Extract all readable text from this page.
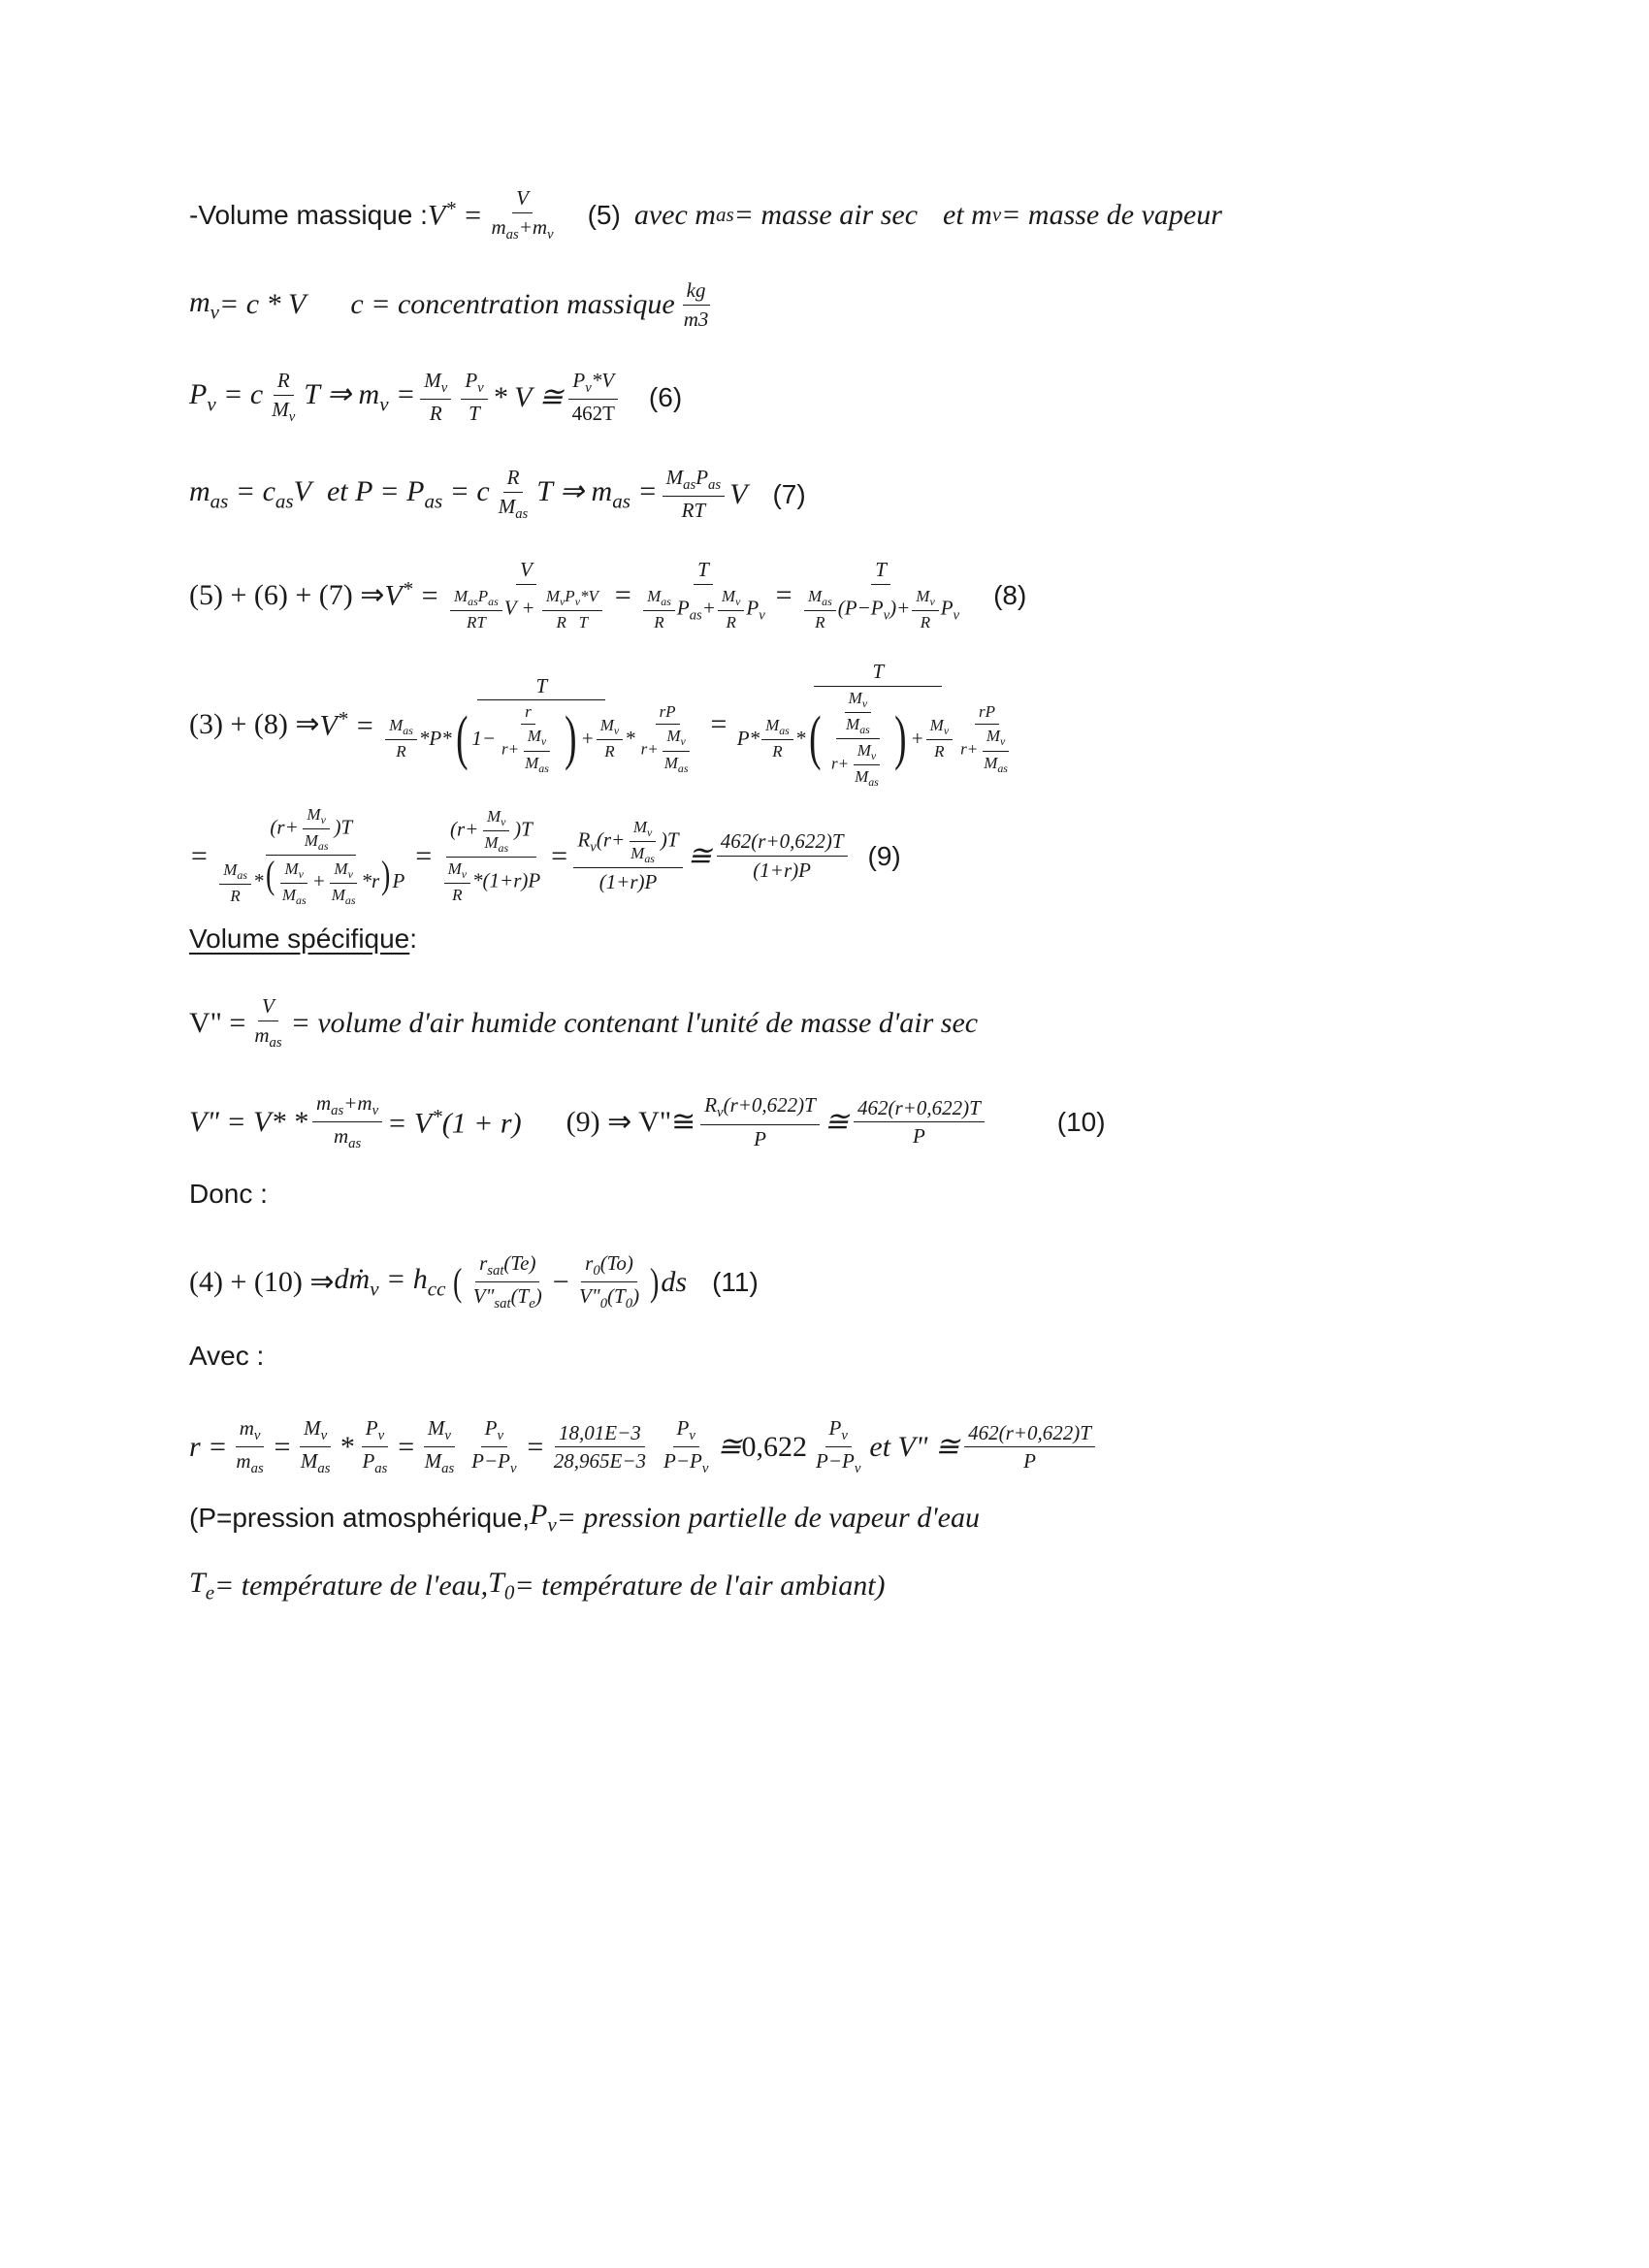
-Volume massique : $V^* = \frac{V}{m_{as}+m_v} (5)$ avec m as = masse air sec et m v = masse de vapeur
$m_v = c * V$ c = concentration massique $\frac{kg}{m3}$
$P_v = c \frac{R}{M_v}$ T ⇒ $m_v = \frac{M_v}{R} \frac{P_v}{T} * V$ ≅ $\frac{P_v*V}{462T} (6)$
$m_{as} = c_{as}V$ et $P = P_{as} = c \frac{R}{M_{as}}$ T ⇒ $m_{as} = \frac{M_{as}P_{as}}{RT}$ V (7)
(5) + (6) + (7) ⇒ $V^* = \frac{V}{\frac{M_{as}P_{as}}{RT} V + \frac{M_vP_v*V}{\text{R   T}}} = \frac{T}{\frac{M_{as}}{R} P_{as}+ \frac{M_v}{R} P_v} = \frac{T}{\frac{M_{as}}{R} (P-P_v)+ \frac{M_v}{R} P_v} (8)$
(3) + (8) ⇒ $V^* = \frac{T}{\frac{M_{as}}{R} *P* ( 1- \frac{r}{r+ \frac{M_v}{M_{as}}} ) + \frac{M_v}{R} * \frac{rP}{r+ \frac{M_v}{M_{as}}}} = \frac{T}{P* \frac{M_{as}}{R} * ( \frac{\frac{M_v}{M_{as}}}{r+ \frac{M_v}{M_{as}}} ) + \frac{M_v}{R} \frac{rP}{r+ \frac{M_v}{M_{as}}}}$
= $\frac{(r+ \frac{M_v}{M_{as}} )T}{\frac{M_{as}}{R} *( \frac{M_v}{M_{as}} + \frac{M_v}{M_{as}} *r)P} = \frac{(r+ \frac{M_v}{M_{as}} )T}{\frac{M_v}{R} *(1+r)P} = \frac{R_v(r+ \frac{M_v}{M_{as}} )T}{(1+r)P}$ ≅ $\frac{462(r+0,622)T}{(1+r)P} (9)$
Volume spécifique :
V" = $\frac{V}{m_{as}}$ = volume d'air humide contenant l'unité de masse d'air sec
V" = $V* * \frac{m_{as}+m_v}{m_{as}} = V^*(1 + r)$ (9) ⇒ V"≅ $\frac{R_v(r+0,622)T}{P}$ ≅ $\frac{462(r+0,622)T}{P}$	(10)
Donc :
(4) + (10) ⇒ dṁ$_v$ = $h_{cc}$ ( $\frac{r_{sat}(Te)}{V"_{sat}(T_e)} - \frac{r_0(To)}{V"_0(T_0)}$ ) ds (11)
Avec :
$r = \frac{m_v}{m_{as}} = \frac{M_v}{M_{as}} * \frac{P_v}{P_{as}} = \frac{M_v}{M_{as}} \frac{P_v}{P-P_v} = \frac{18,01E-3}{28,965E-3} \frac{P_v}{P-P_v}$ ≅ $0,622 \frac{P_v}{P-P_v}$ et V" ≅ $\frac{462(r+0,622)T}{P}$
(P=pression atmosphérique, $P_v$ = pression partielle de vapeur d'eau
$T_e$ = température de l'eau, $T_0$ = température de l'air ambiant)
